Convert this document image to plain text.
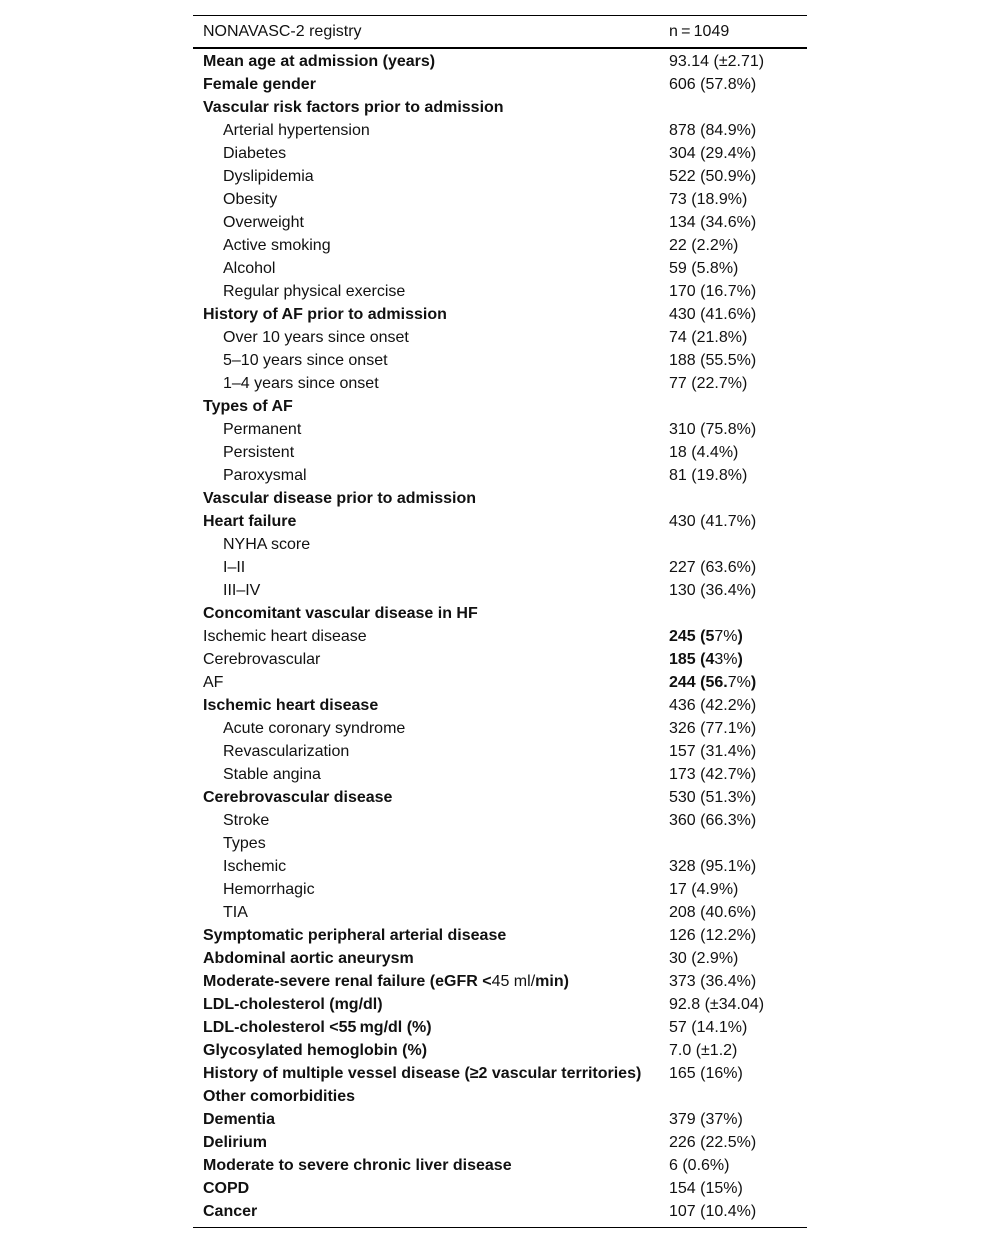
NONAVASC-2 registry	n = 1049
Mean age at admission (years)	93.14 (±2.71)
Female gender	606 (57.8%)
Vascular risk factors prior to admission
Arterial hypertension	878 (84.9%)
Diabetes	304 (29.4%)
Dyslipidemia	522 (50.9%)
Obesity	73 (18.9%)
Overweight	134 (34.6%)
Active smoking	22 (2.2%)
Alcohol	59 (5.8%)
Regular physical exercise	170 (16.7%)
History of AF prior to admission	430 (41.6%)
Over 10 years since onset	74 (21.8%)
5–10 years since onset	188 (55.5%)
1–4 years since onset	77 (22.7%)
Types of AF
Permanent	310 (75.8%)
Persistent	18 (4.4%)
Paroxysmal	81 (19.8%)
Vascular disease prior to admission
Heart failure	430 (41.7%)
NYHA score
I–II	227 (63.6%)
III–IV	130 (36.4%)
Concomitant vascular disease in HF
Ischemic heart disease	245 (57%)
Cerebrovascular	185 (43%)
AF	244 (56.7%)
Ischemic heart disease	436 (42.2%)
Acute coronary syndrome	326 (77.1%)
Revascularization	157 (31.4%)
Stable angina	173 (42.7%)
Cerebrovascular disease	530 (51.3%)
Stroke	360 (66.3%)
Types
Ischemic	328 (95.1%)
Hemorrhagic	17 (4.9%)
TIA	208 (40.6%)
Symptomatic peripheral arterial disease	126 (12.2%)
Abdominal aortic aneurysm	30 (2.9%)
Moderate-severe renal failure (eGFR <45 ml/min)	373 (36.4%)
LDL-cholesterol (mg/dl)	92.8 (±34.04)
LDL-cholesterol <55 mg/dl (%)	57 (14.1%)
Glycosylated hemoglobin (%)	7.0 (±1.2)
History of multiple vessel disease (≥2 vascular territories)	165 (16%)
Other comorbidities
Dementia	379 (37%)
Delirium	226 (22.5%)
Moderate to severe chronic liver disease	6 (0.6%)
COPD	154 (15%)
Cancer	107 (10.4%)
